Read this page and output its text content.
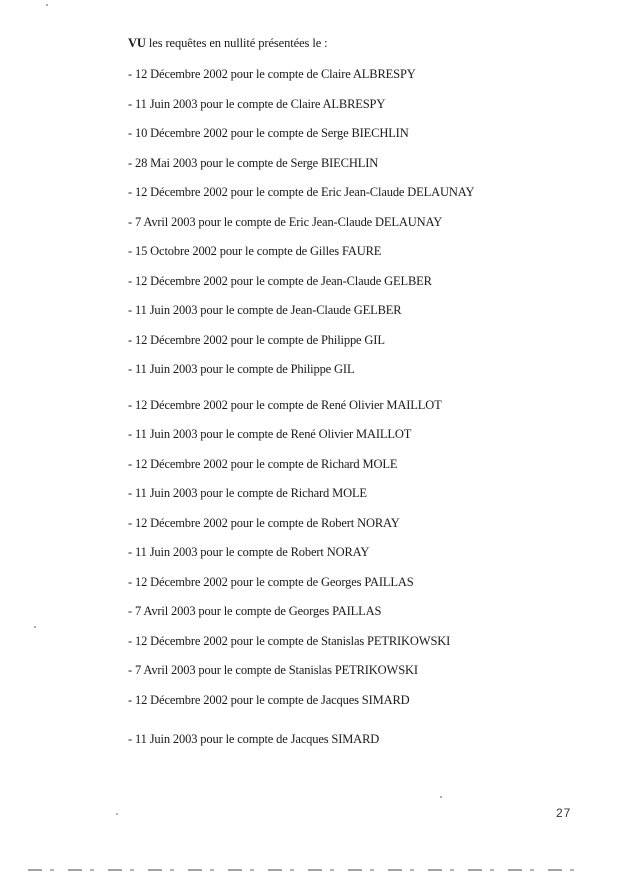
VU les requêtes en nullité présentées le :
- 12 Décembre 2002 pour le compte de Claire ALBRESPY
- 11 Juin 2003 pour le compte de Claire ALBRESPY
- 10 Décembre 2002 pour le compte de Serge BIECHLIN
- 28 Mai 2003 pour le compte de Serge BIECHLIN
- 12 Décembre 2002 pour le compte de Eric Jean-Claude DELAUNAY
- 7 Avril 2003 pour le compte de Eric Jean-Claude DELAUNAY
- 15 Octobre 2002 pour le compte de Gilles FAURE
- 12 Décembre 2002 pour le compte de Jean-Claude GELBER
- 11 Juin 2003 pour le compte de Jean-Claude GELBER
- 12 Décembre 2002 pour le compte de Philippe GIL
- 11 Juin 2003 pour le compte de Philippe GIL
- 12 Décembre 2002 pour le compte de René Olivier MAILLOT
- 11 Juin 2003 pour le compte de René Olivier MAILLOT
- 12 Décembre 2002 pour le compte de Richard MOLE
- 11 Juin 2003 pour le compte de Richard MOLE
- 12 Décembre 2002 pour le compte de Robert NORAY
- 11 Juin 2003 pour le compte de Robert NORAY
- 12 Décembre 2002 pour le compte de Georges PAILLAS
- 7 Avril 2003 pour le compte de Georges PAILLAS
- 12 Décembre 2002 pour le compte de Stanislas PETRIKOWSKI
- 7 Avril 2003 pour le compte de Stanislas PETRIKOWSKI
- 12 Décembre 2002 pour le compte de Jacques SIMARD
- 11 Juin 2003 pour le compte de Jacques SIMARD
27
